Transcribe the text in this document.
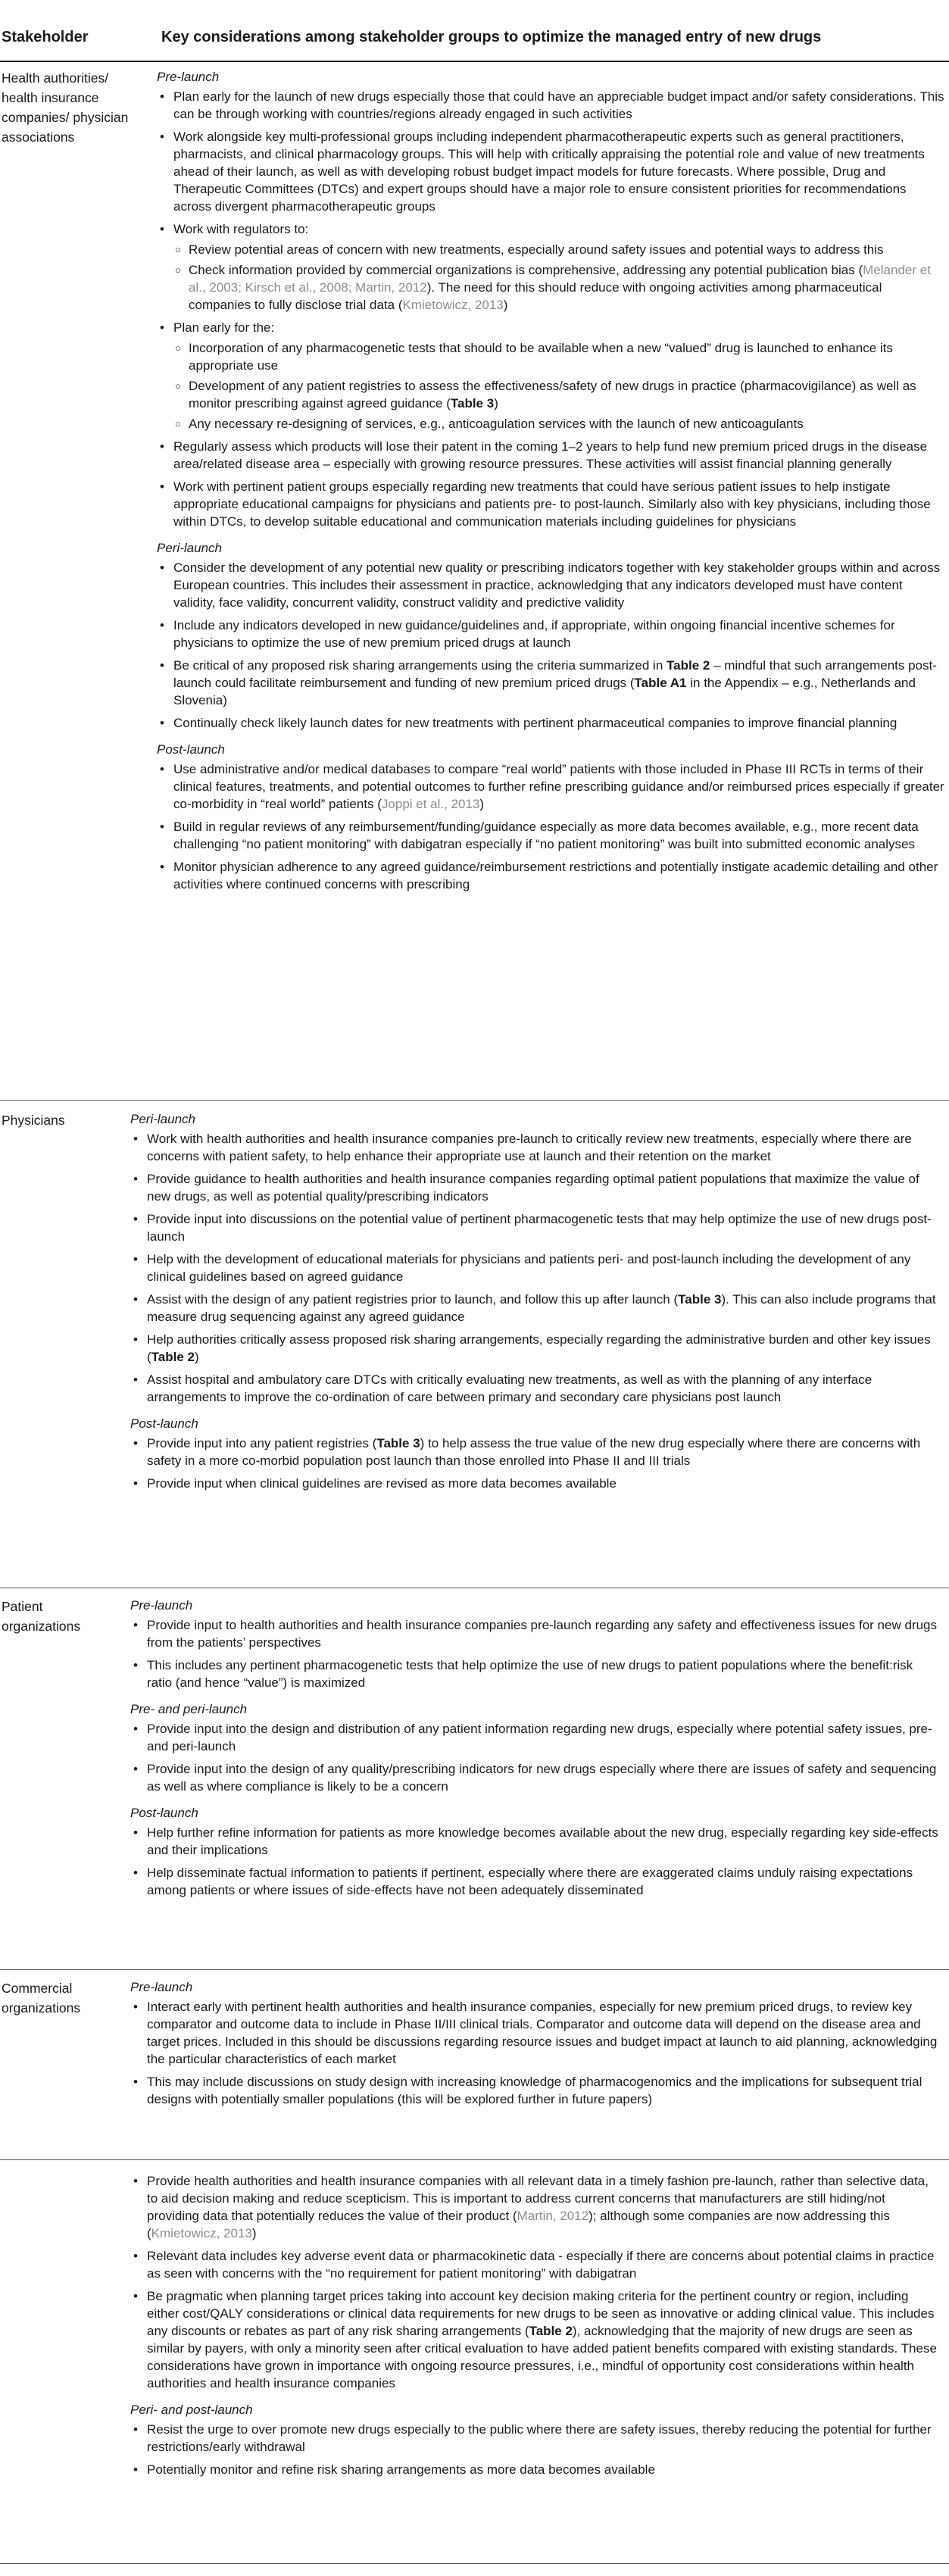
Stakeholder	Key considerations among stakeholder groups to optimize the managed entry of new drugs
Health authorities/ health insurance companies/ physician associations
Pre-launch
• Plan early for the launch of new drugs especially those that could have an appreciable budget impact and/or safety considerations. This can be through working with countries/regions already engaged in such activities
• Work alongside key multi-professional groups including independent pharmacotherapeutic experts such as general practitioners, pharmacists, and clinical pharmacology groups. This will help with critically appraising the potential role and value of new treatments ahead of their launch, as well as with developing robust budget impact models for future forecasts. Where possible, Drug and Therapeutic Committees (DTCs) and expert groups should have a major role to ensure consistent priorities for recommendations across divergent pharmacotherapeutic groups
• Work with regulators to:
○ Review potential areas of concern with new treatments, especially around safety issues and potential ways to address this
○ Check information provided by commercial organizations is comprehensive, addressing any potential publication bias (Melander et al., 2003; Kirsch et al., 2008; Martin, 2012). The need for this should reduce with ongoing activities among pharmaceutical companies to fully disclose trial data (Kmietowicz, 2013)
• Plan early for the:
○ Incorporation of any pharmacogenetic tests that should to be available when a new “valued” drug is launched to enhance its appropriate use
○ Development of any patient registries to assess the effectiveness/safety of new drugs in practice (pharmacovigilance) as well as monitor prescribing against agreed guidance (Table 3)
○ Any necessary re-designing of services, e.g., anticoagulation services with the launch of new anticoagulants
• Regularly assess which products will lose their patent in the coming 1–2 years to help fund new premium priced drugs in the disease area/related disease area – especially with growing resource pressures. These activities will assist financial planning generally
• Work with pertinent patient groups especially regarding new treatments that could have serious patient issues to help instigate appropriate educational campaigns for physicians and patients pre- to post-launch. Similarly also with key physicians, including those within DTCs, to develop suitable educational and communication materials including guidelines for physicians
Peri-launch
• Consider the development of any potential new quality or prescribing indicators together with key stakeholder groups within and across European countries. This includes their assessment in practice, acknowledging that any indicators developed must have content validity, face validity, concurrent validity, construct validity and predictive validity
• Include any indicators developed in new guidance/guidelines and, if appropriate, within ongoing financial incentive schemes for physicians to optimize the use of new premium priced drugs at launch
• Be critical of any proposed risk sharing arrangements using the criteria summarized in Table 2 – mindful that such arrangements post-launch could facilitate reimbursement and funding of new premium priced drugs (Table A1 in the Appendix – e.g., Netherlands and Slovenia)
• Continually check likely launch dates for new treatments with pertinent pharmaceutical companies to improve financial planning
Post-launch
• Use administrative and/or medical databases to compare “real world” patients with those included in Phase III RCTs in terms of their clinical features, treatments, and potential outcomes to further refine prescribing guidance and/or reimbursed prices especially if greater co-morbidity in “real world” patients (Joppi et al., 2013)
• Build in regular reviews of any reimbursement/funding/guidance especially as more data becomes available, e.g., more recent data challenging “no patient monitoring” with dabigatran especially if “no patient monitoring” was built into submitted economic analyses
• Monitor physician adherence to any agreed guidance/reimbursement restrictions and potentially instigate academic detailing and other activities where continued concerns with prescribing
Physicians	Peri-launch
• Work with health authorities and health insurance companies pre-launch to critically review new treatments, especially where there are concerns with patient safety, to help enhance their appropriate use at launch and their retention on the market
• Provide guidance to health authorities and health insurance companies regarding optimal patient populations that maximize the value of new drugs, as well as potential quality/prescribing indicators
• Provide input into discussions on the potential value of pertinent pharmacogenetic tests that may help optimize the use of new drugs post-launch
• Help with the development of educational materials for physicians and patients peri- and post-launch including the development of any clinical guidelines based on agreed guidance
• Assist with the design of any patient registries prior to launch, and follow this up after launch (Table 3). This can also include programs that measure drug sequencing against any agreed guidance
• Help authorities critically assess proposed risk sharing arrangements, especially regarding the administrative burden and other key issues (Table 2)
• Assist hospital and ambulatory care DTCs with critically evaluating new treatments, as well as with the planning of any interface arrangements to improve the co-ordination of care between primary and secondary care physicians post launch
Post-launch
• Provide input into any patient registries (Table 3) to help assess the true value of the new drug especially where there are concerns with safety in a more co-morbid population post launch than those enrolled into Phase II and III trials
• Provide input when clinical guidelines are revised as more data becomes available
Patient organizations
Pre-launch
• Provide input to health authorities and health insurance companies pre-launch regarding any safety and effectiveness issues for new drugs from the patients’ perspectives
• This includes any pertinent pharmacogenetic tests that help optimize the use of new drugs to patient populations where the benefit:risk ratio (and hence “value”) is maximized
Pre- and peri-launch
• Provide input into the design and distribution of any patient information regarding new drugs, especially where potential safety issues, pre- and peri-launch
• Provide input into the design of any quality/prescribing indicators for new drugs especially where there are issues of safety and sequencing as well as where compliance is likely to be a concern
Post-launch
• Help further refine information for patients as more knowledge becomes available about the new drug, especially regarding key side-effects and their implications
• Help disseminate factual information to patients if pertinent, especially where there are exaggerated claims unduly raising expectations among patients or where issues of side-effects have not been adequately disseminated
Commercial organizations
Pre-launch
• Interact early with pertinent health authorities and health insurance companies, especially for new premium priced drugs, to review key comparator and outcome data to include in Phase II/III clinical trials. Comparator and outcome data will depend on the disease area and target prices. Included in this should be discussions regarding resource issues and budget impact at launch to aid planning, acknowledging the particular characteristics of each market
• This may include discussions on study design with increasing knowledge of pharmacogenomics and the implications for subsequent trial designs with potentially smaller populations (this will be explored further in future papers)
• Provide health authorities and health insurance companies with all relevant data in a timely fashion pre-launch, rather than selective data, to aid decision making and reduce scepticism. This is important to address current concerns that manufacturers are still hiding/not providing data that potentially reduces the value of their product (Martin, 2012); although some companies are now addressing this (Kmietowicz, 2013)
• Relevant data includes key adverse event data or pharmacokinetic data - especially if there are concerns about potential claims in practice as seen with concerns with the “no requirement for patient monitoring” with dabigatran
• Be pragmatic when planning target prices taking into account key decision making criteria for the pertinent country or region, including either cost/QALY considerations or clinical data requirements for new drugs to be seen as innovative or adding clinical value. This includes any discounts or rebates as part of any risk sharing arrangements (Table 2), acknowledging that the majority of new drugs are seen as similar by payers, with only a minority seen after critical evaluation to have added patient benefits compared with existing standards. These considerations have grown in importance with ongoing resource pressures, i.e., mindful of opportunity cost considerations within health authorities and health insurance companies
Peri- and post-launch
• Resist the urge to over promote new drugs especially to the public where there are safety issues, thereby reducing the potential for further restrictions/early withdrawal
• Potentially monitor and refine risk sharing arrangements as more data becomes available
